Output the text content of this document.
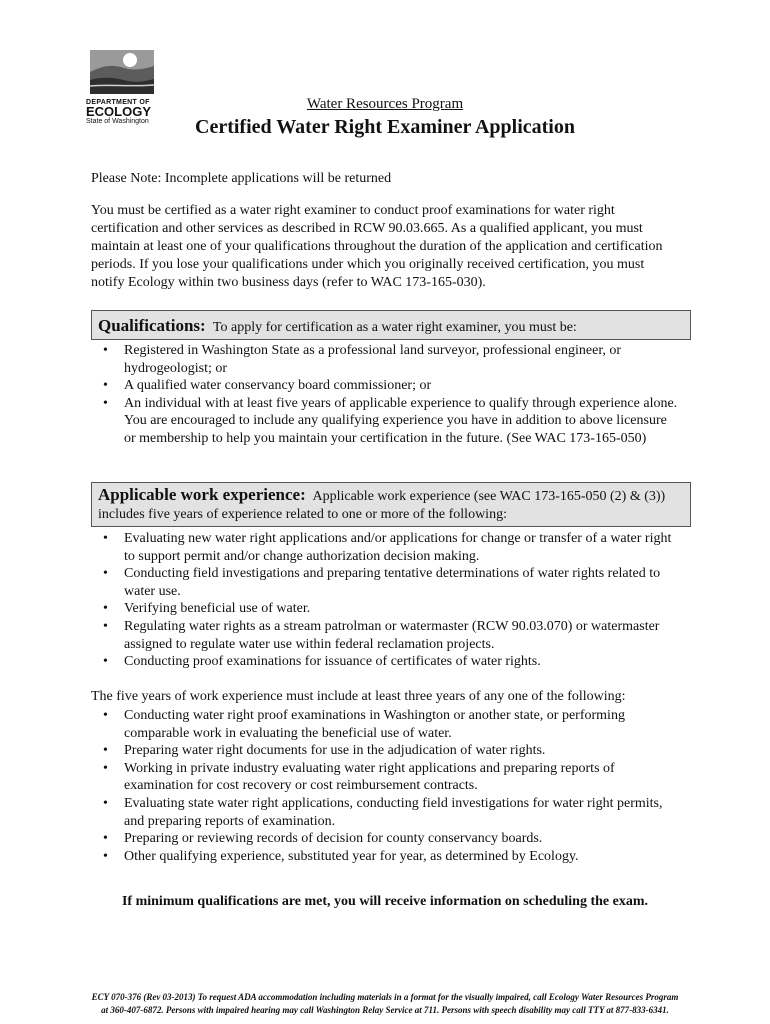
DEPARTMENT OF
ECOLOGY
State of Washington
Water Resources Program
Certified Water Right Examiner Application
Please Note: Incomplete applications will be returned
You must be certified as a water right examiner to conduct proof examinations for water right certification and other services as described in RCW 90.03.665. As a qualified applicant, you must maintain at least one of your qualifications throughout the duration of the application and certification periods. If you lose your qualifications under which you originally received certification, you must notify Ecology within two business days (refer to WAC 173-165-030).
Qualifications: To apply for certification as a water right examiner, you must be:
• Registered in Washington State as a professional land surveyor, professional engineer, or hydrogeologist; or
• A qualified water conservancy board commissioner; or
• An individual with at least five years of applicable experience to qualify through experience alone. You are encouraged to include any qualifying experience you have in addition to above licensure or membership to help you maintain your certification in the future. (See WAC 173-165-050)
Applicable work experience: Applicable work experience (see WAC 173-165-050 (2) & (3)) includes five years of experience related to one or more of the following:
• Evaluating new water right applications and/or applications for change or transfer of a water right to support permit and/or change authorization decision making.
• Conducting field investigations and preparing tentative determinations of water rights related to water use.
• Verifying beneficial use of water.
• Regulating water rights as a stream patrolman or watermaster (RCW 90.03.070) or watermaster assigned to regulate water use within federal reclamation projects.
• Conducting proof examinations for issuance of certificates of water rights.
The five years of work experience must include at least three years of any one of the following:
• Conducting water right proof examinations in Washington or another state, or performing comparable work in evaluating the beneficial use of water.
• Preparing water right documents for use in the adjudication of water rights.
• Working in private industry evaluating water right applications and preparing reports of examination for cost recovery or cost reimbursement contracts.
• Evaluating state water right applications, conducting field investigations for water right permits, and preparing reports of examination.
• Preparing or reviewing records of decision for county conservancy boards.
• Other qualifying experience, substituted year for year, as determined by Ecology.
If minimum qualifications are met, you will receive information on scheduling the exam.
ECY 070-376 (Rev 03-2013) To request ADA accommodation including materials in a format for the visually impaired, call Ecology Water Resources Program
at 360-407-6872. Persons with impaired hearing may call Washington Relay Service at 711. Persons with speech disability may call TTY at 877-833-6341.
